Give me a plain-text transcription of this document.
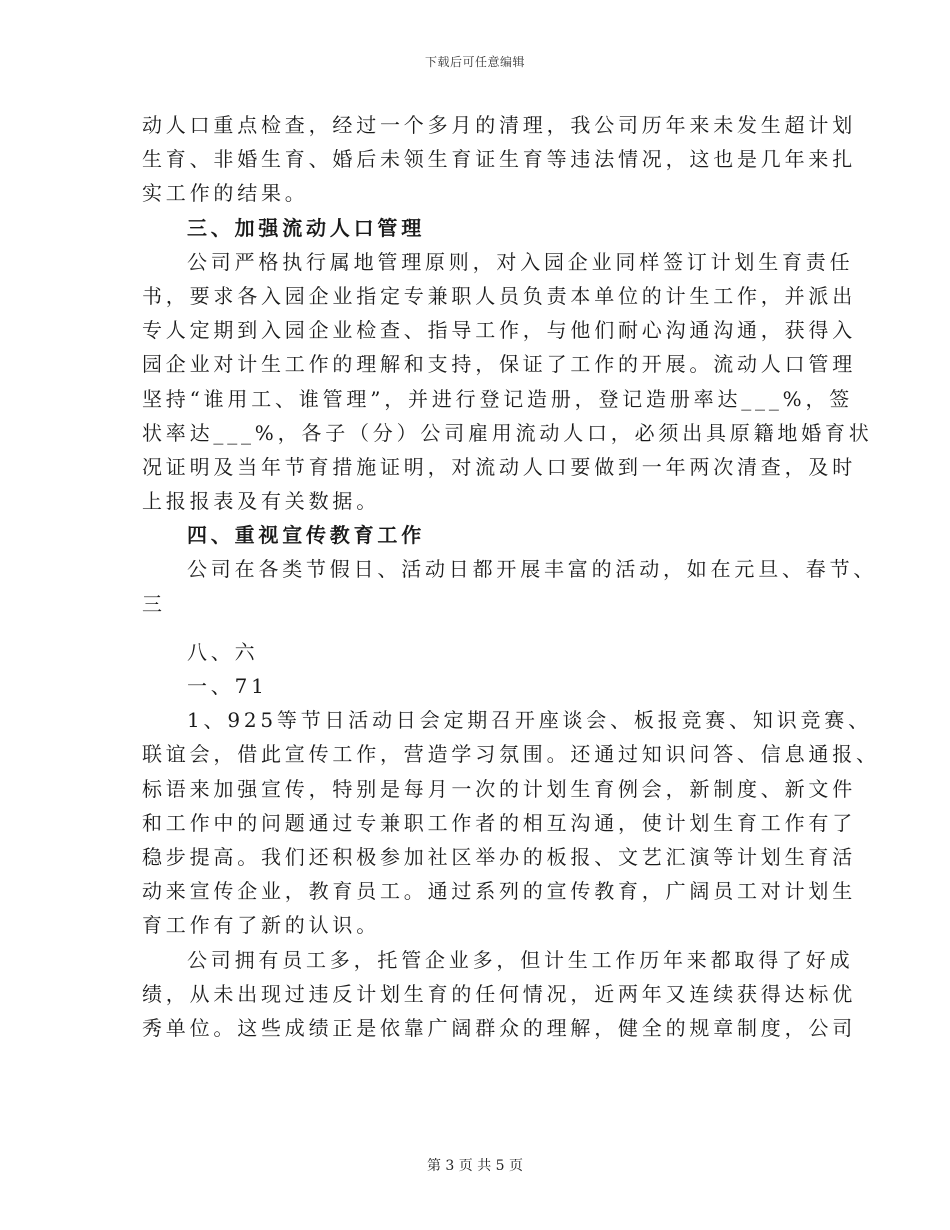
下载后可任意编辑
动人口重点检查，经过一个多月的清理，我公司历年来未发生超计划
生育、非婚生育、婚后未领生育证生育等违法情况，这也是几年来扎
实工作的结果。
三、加强流动人口管理
公司严格执行属地管理原则，对入园企业同样签订计划生育责任
书，要求各入园企业指定专兼职人员负责本单位的计生工作，并派出
专人定期到入园企业检查、指导工作，与他们耐心沟通沟通，获得入
园企业对计生工作的理解和支持，保证了工作的开展。流动人口管理
坚持“谁用工、谁管理”，并进行登记造册，登记造册率达___%，签
状率达___%，各子（分）公司雇用流动人口，必须出具原籍地婚育状
况证明及当年节育措施证明，对流动人口要做到一年两次清查，及时
上报报表及有关数据。
四、重视宣传教育工作
公司在各类节假日、活动日都开展丰富的活动，如在元旦、春节、
三
八、六
一、71
1、925等节日活动日会定期召开座谈会、板报竞赛、知识竞赛、
联谊会，借此宣传工作，营造学习氛围。还通过知识问答、信息通报、
标语来加强宣传，特别是每月一次的计划生育例会，新制度、新文件
和工作中的问题通过专兼职工作者的相互沟通，使计划生育工作有了
稳步提高。我们还积极参加社区举办的板报、文艺汇演等计划生育活
动来宣传企业，教育员工。通过系列的宣传教育，广阔员工对计划生
育工作有了新的认识。
公司拥有员工多，托管企业多，但计生工作历年来都取得了好成
绩，从未出现过违反计划生育的任何情况，近两年又连续获得达标优
秀单位。这些成绩正是依靠广阔群众的理解，健全的规章制度，公司
第 3 页 共 5 页
